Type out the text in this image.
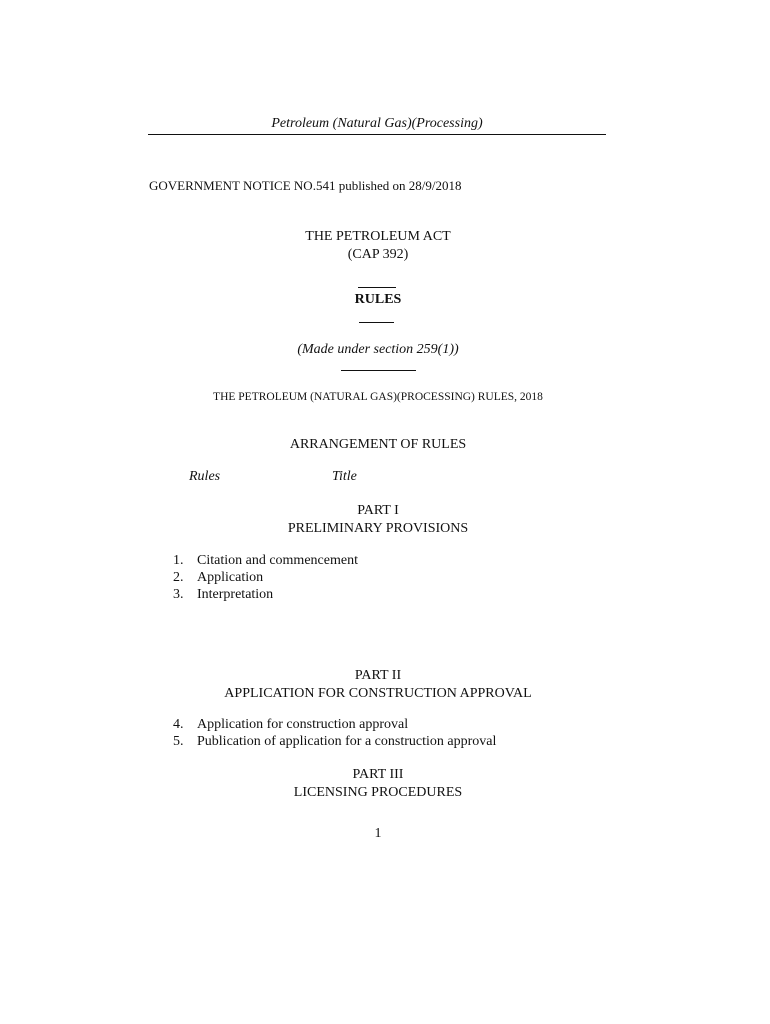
Petroleum (Natural Gas)(Processing)
GOVERNMENT NOTICE NO.541 published on 28/9/2018
THE PETROLEUM ACT
(CAP 392)
RULES
(Made under section 259(1))
THE PETROLEUM (NATURAL GAS)(PROCESSING) RULES, 2018
ARRANGEMENT OF RULES
Rules	Title
PART I
PRELIMINARY PROVISIONS
1. Citation and commencement
2. Application
3. Interpretation
PART II
APPLICATION FOR CONSTRUCTION APPROVAL
4. Application for construction approval
5. Publication of application for a construction approval
PART III
LICENSING PROCEDURES
1
